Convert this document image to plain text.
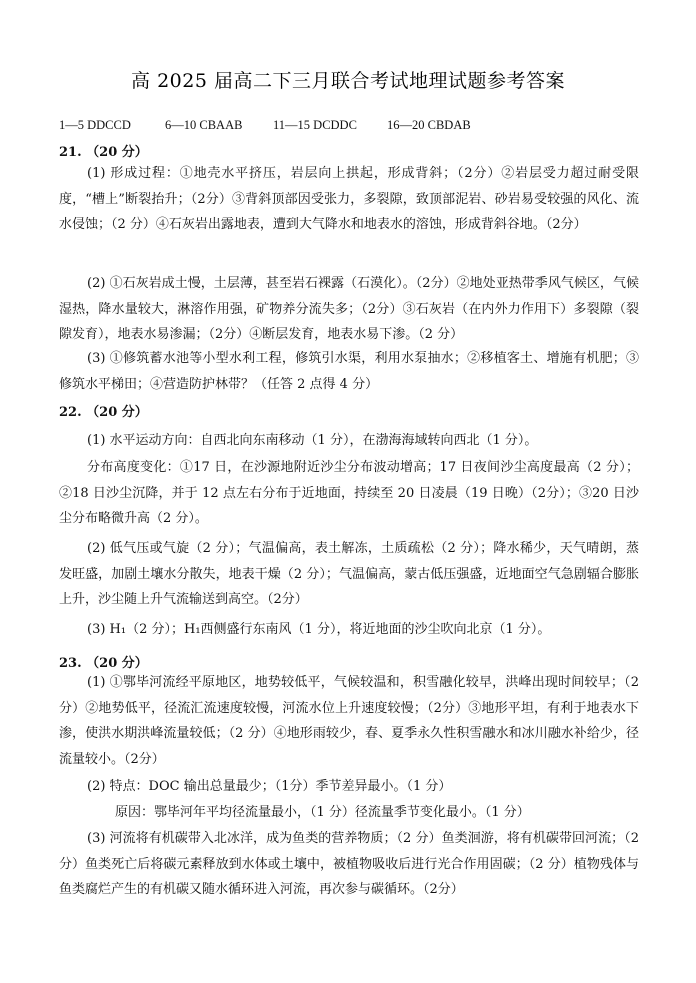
高 2025 届高二下三月联合考试地理试题参考答案
1—5 DDCCD	6—10 CBAAB 11—15 DCDDC 16—20 CBDAB
21. （20 分）
(1) 形成过程：①地壳水平挤压，岩层向上拱起，形成背斜；（2分）②岩层受力超过耐受限度，“槽上”断裂抬升；（2分）③背斜顶部因受张力，多裂隙，致顶部泥岩、砂岩易受较强的风化、流水侵蚀；（2 分）④石灰岩出露地表，遭到大气降水和地表水的溶蚀，形成背斜谷地。（2分）
(2) ①石灰岩成土慢，土层薄，甚至岩石裸露（石漠化）。（2分）②地处亚热带季风气候区，气候湿热，降水量较大，淋溶作用强，矿物养分流失多；（2分）③石灰岩（在内外力作用下）多裂隙（裂隙发育），地表水易渗漏；（2分）④断层发育，地表水易下渗。（2 分）
(3) ①修筑蓄水池等小型水利工程，修筑引水渠，利用水泵抽水；②移植客土、增施有机肥；③修筑水平梯田；④营造防护林带？（任答 2 点得 4 分）
22. （20 分）
(1) 水平运动方向：自西北向东南移动（1 分），在渤海海域转向西北（1 分）。
分布高度变化：①17 日，在沙源地附近沙尘分布波动增高；17 日夜间沙尘高度最高（2 分）；②18 日沙尘沉降，并于 12 点左右分布于近地面，持续至 20 日凌晨（19 日晚）（2分）；③20 日沙尘分布略微升高（2 分）。
(2) 低气压或气旋（2 分）；气温偏高，表土解冻，土质疏松（2 分）；降水稀少，天气晴朗，蒸发旺盛，加剧土壤水分散失，地表干燥（2 分）；气温偏高，蒙古低压强盛，近地面空气急剧辐合膨胀上升，沙尘随上升气流输送到高空。（2分）
(3) H₁（2 分）；H₁西侧盛行东南风（1 分），将近地面的沙尘吹向北京（1 分）。
23. （20 分）
(1) ①鄂毕河流经平原地区，地势较低平，气候较温和，积雪融化较早，洪峰出现时间较早；（2分）②地势低平，径流汇流速度较慢，河流水位上升速度较慢；（2分）③地形平坦，有利于地表水下渗，使洪水期洪峰流量较低；（2 分）④地形雨较少，春、夏季永久性积雪融水和冰川融水补给少，径流量较小。（2分）
(2) 特点：DOC 输出总量最少；（1分）季节差异最小。（1 分）
原因：鄂毕河年平均径流量最小，（1 分）径流量季节变化最小。（1 分）
(3) 河流将有机碳带入北冰洋，成为鱼类的营养物质；（2 分）鱼类洄游，将有机碳带回河流；（2 分）鱼类死亡后将碳元素释放到水体或土壤中，被植物吸收后进行光合作用固碳；（2 分）植物残体与鱼类腐烂产生的有机碳又随水循环进入河流，再次参与碳循环。（2分）
